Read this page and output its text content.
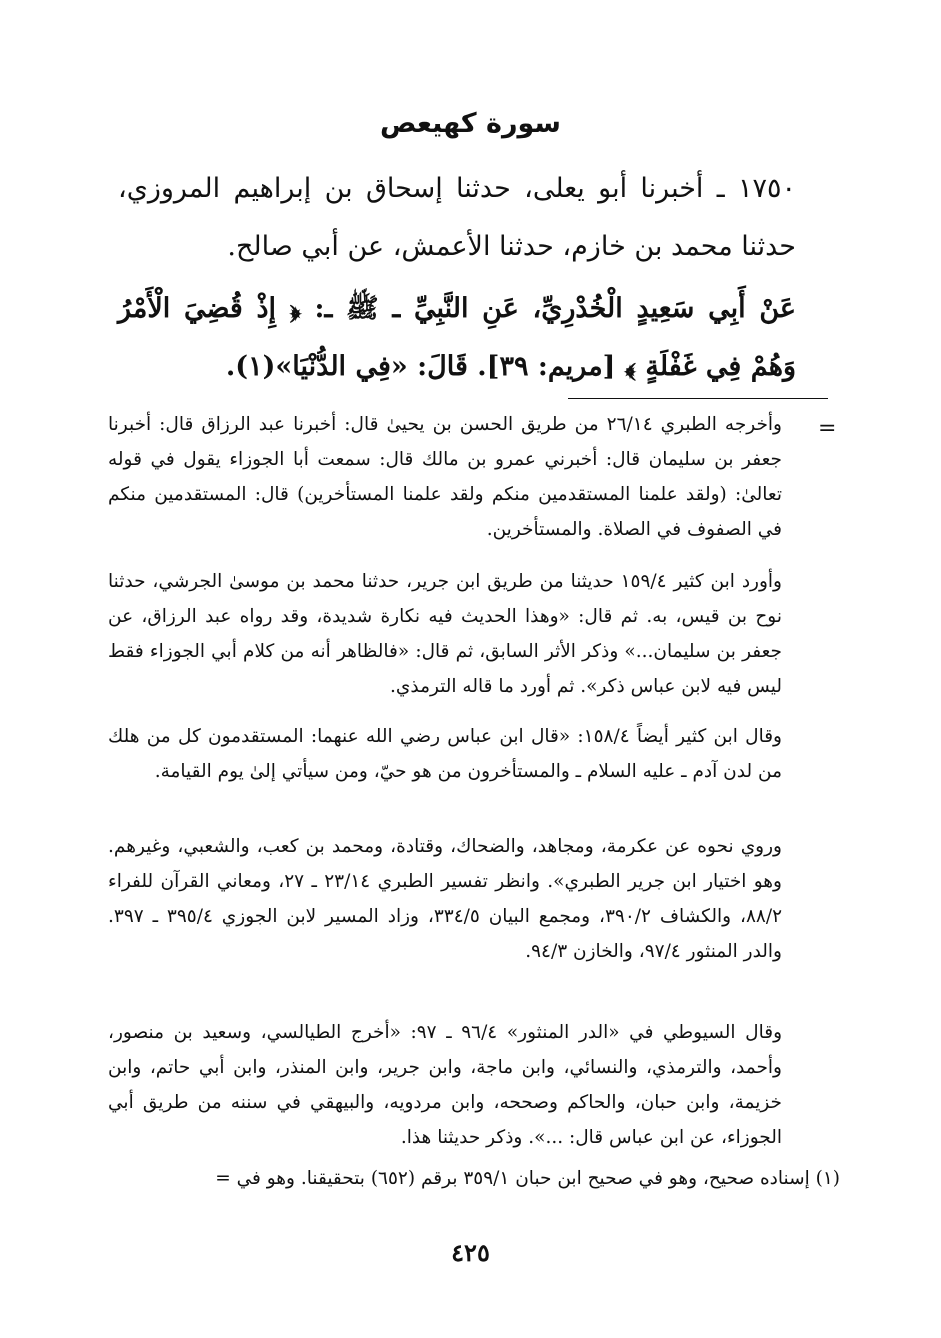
سورة كهيعص
١٧٥٠ ـ أخبرنا أبو يعلى، حدثنا إسحاق بن إبراهيم المروزي، حدثنا محمد بن خازم، حدثنا الأعمش، عن أبي صالح.
عَنْ أَبِي سَعِيدٍ الْخُدْرِيِّ، عَنِ النَّبِيِّ ـ ﷺ ـ: ﴿ إِذْ قُضِيَ الْأَمْرُ وَهُمْ فِي غَفْلَةٍ ﴾ [مريم: ٣٩]. قَالَ: «فِي الدُّنْيَا»(١).
=

وأخرجه الطبري ٢٦/١٤ من طريق الحسن بن يحيىٰ قال: أخبرنا عبد الرزاق قال: أخبرنا جعفر بن سليمان قال: أخبرني عمرو بن مالك قال: سمعت أبا الجوزاء يقول في قوله تعالىٰ: (ولقد علمنا المستقدمين منكم ولقد علمنا المستأخرين) قال: المستقدمين منكم في الصفوف في الصلاة. والمستأخرين.

وأورد ابن كثير ١٥٩/٤ حديثنا من طريق ابن جرير، حدثنا محمد بن موسىٰ الجرشي، حدثنا نوح بن قيس، به. ثم قال: «وهذا الحديث فيه نكارة شديدة، وقد رواه عبد الرزاق، عن جعفر بن سليمان...» وذكر الأثر السابق، ثم قال: «فالظاهر أنه من كلام أبي الجوزاء فقط ليس فيه لابن عباس ذكر». ثم أورد ما قاله الترمذي.

وقال ابن كثير أيضاً ١٥٨/٤: «قال ابن عباس رضي الله عنهما: المستقدمون كل من هلك من لدن آدم ـ عليه السلام ـ والمستأخرون من هو حيّ، ومن سيأتي إلىٰ يوم القيامة.

وروي نحوه عن عكرمة، ومجاهد، والضحاك، وقتادة، ومحمد بن كعب، والشعبي، وغيرهم. وهو اختيار ابن جرير الطبري». وانظر تفسير الطبري ٢٣/١٤ ـ ٢٧، ومعاني القرآن للفراء ٨٨/٢، والكشاف ٣٩٠/٢، ومجمع البيان ٣٣٤/٥، وزاد المسير لابن الجوزي ٣٩٥/٤ ـ ٣٩٧. والدر المنثور ٩٧/٤، والخازن ٩٤/٣.

وقال السيوطي في «الدر المنثور» ٩٦/٤ ـ ٩٧: «أخرج الطيالسي، وسعيد بن منصور، وأحمد، والترمذي، والنسائي، وابن ماجة، وابن جرير، وابن المنذر، وابن أبي حاتم، وابن خزيمة، وابن حبان، والحاكم وصححه، وابن مردويه، والبيهقي في سننه من طريق أبي الجوزاء، عن ابن عباس قال: ...». وذكر حديثنا هذا.

(١) إسناده صحيح، وهو في صحيح ابن حبان ٣٥٩/١ برقم (٦٥٢) بتحقيقنا. وهو في =
٤٢٥
